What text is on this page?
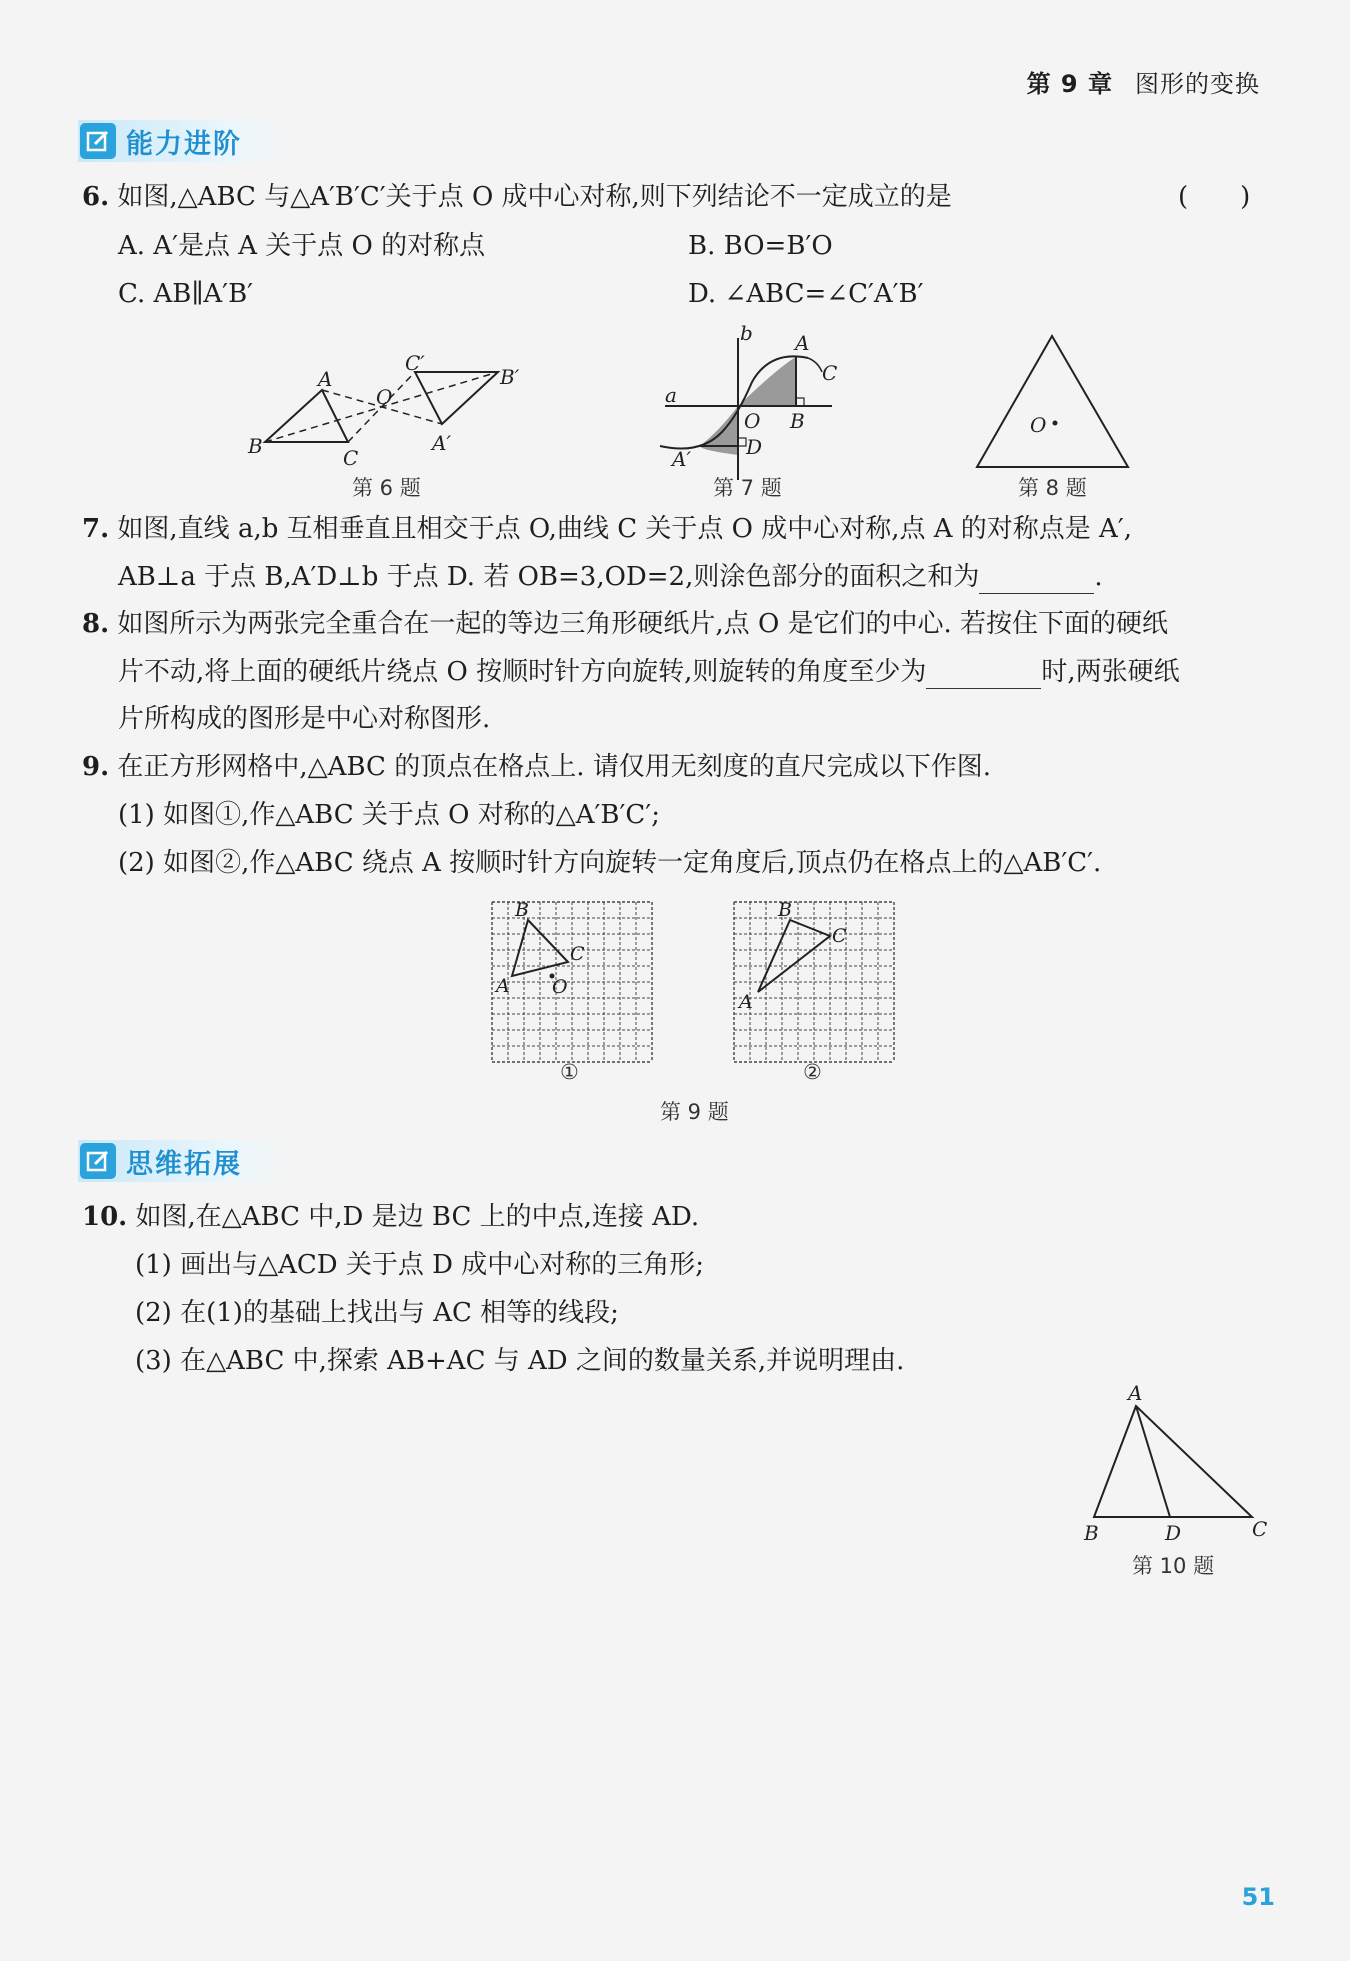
第 9 章 图形的变换
能力进阶
6. 如图,△ABC 与△A′B′C′关于点 O 成中心对称,则下列结论不一定成立的是	(　　)
A. A′是点 A 关于点 O 的对称点	B. BO=B′O
C. AB∥A′B′	D. ∠ABC=∠C′A′B′
A
B	C
O
A′
B′
C′
b
a
A
C
O B
D
A′
O
第 6 题	第 7 题	第 8 题
7. 如图,直线 a,b 互相垂直且相交于点 O,曲线 C 关于点 O 成中心对称,点 A 的对称点是 A′,
AB⊥a 于点 B,A′D⊥b 于点 D. 若 OB=3,OD=2,则涂色部分的面积之和为	.
8. 如图所示为两张完全重合在一起的等边三角形硬纸片,点 O 是它们的中心. 若按住下面的硬纸
片不动,将上面的硬纸片绕点 O 按顺时针方向旋转,则旋转的角度至少为	时,两张硬纸
片所构成的图形是中心对称图形.
9. 在正方形网格中,△ABC 的顶点在格点上. 请仅用无刻度的直尺完成以下作图.
(1) 如图①,作△ABC 关于点 O 对称的△A′B′C′;
(2) 如图②,作△ABC 绕点 A 按顺时针方向旋转一定角度后,顶点仍在格点上的△AB′C′.
B
A
C
O
B
A
C
①	②
第 9 题
思维拓展
10. 如图,在△ABC 中,D 是边 BC 上的中点,连接 AD.
(1) 画出与△ACD 关于点 D 成中心对称的三角形;
(2) 在(1)的基础上找出与 AC 相等的线段;
(3) 在△ABC 中,探索 AB+AC 与 AD 之间的数量关系,并说明理由.
A
B	D	C
第 10 题
51
